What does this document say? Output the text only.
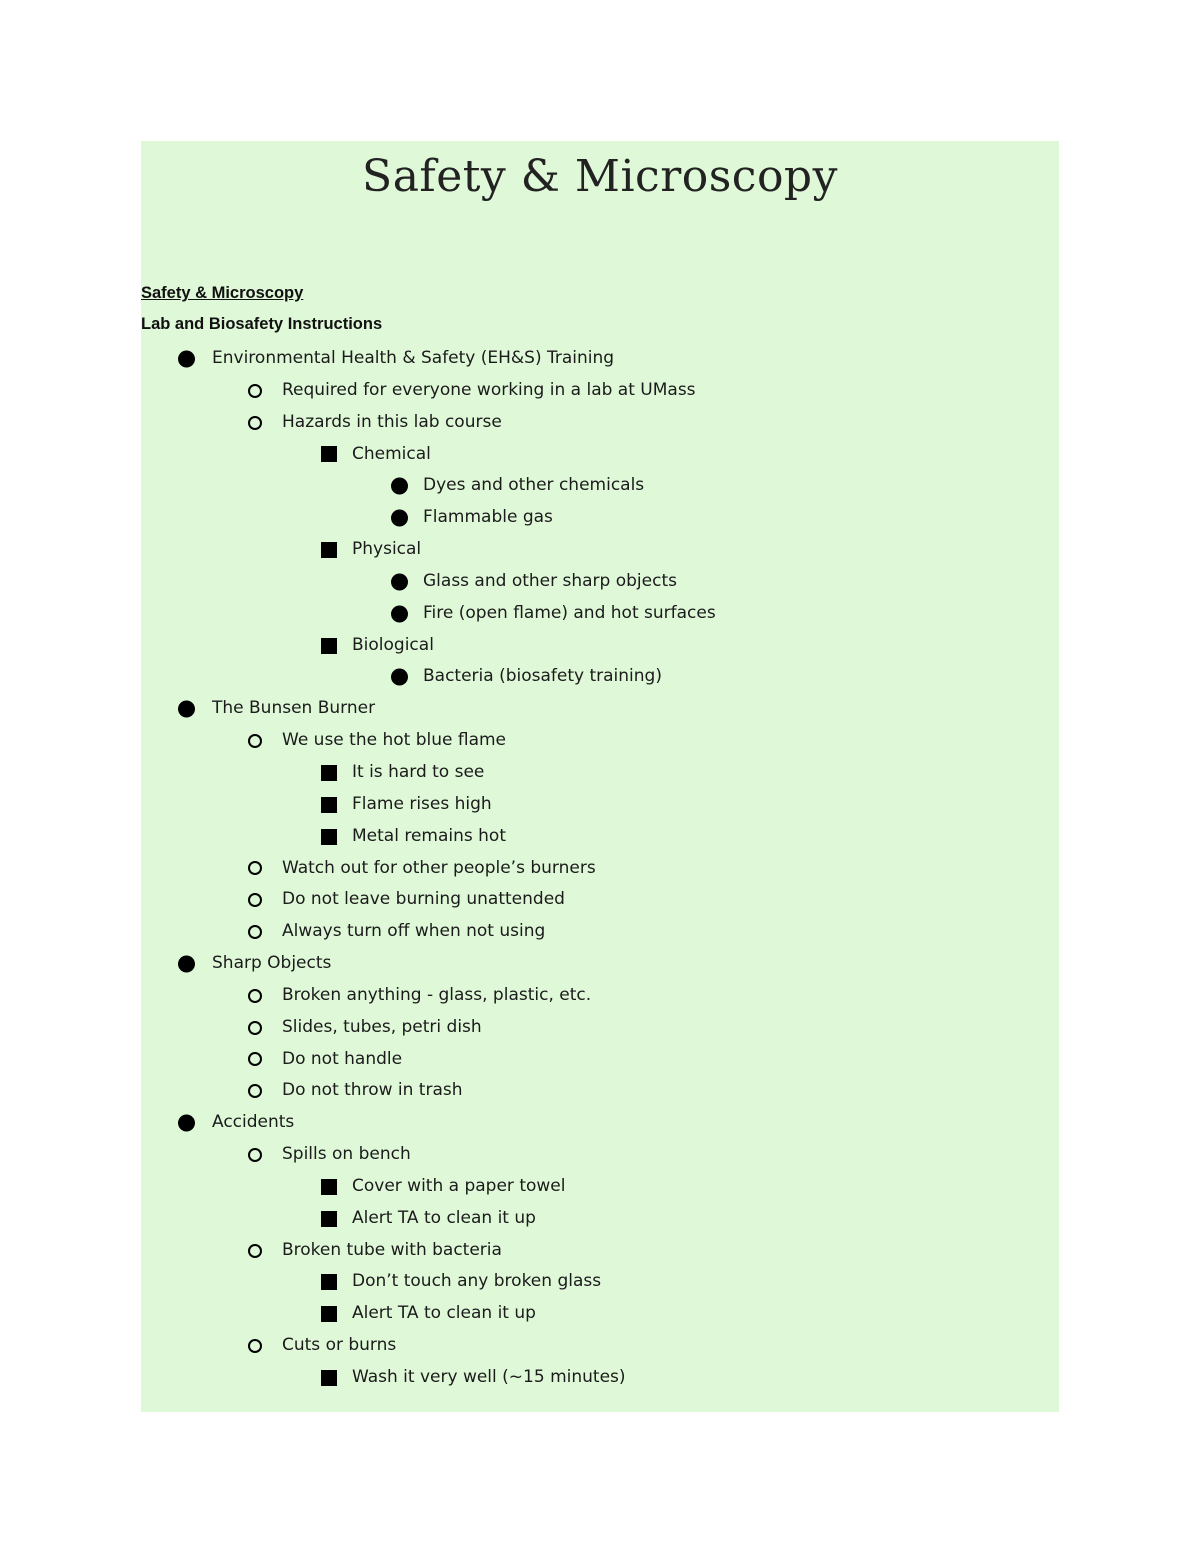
Safety & Microscopy

Safety & Microscopy

Lab and Biosafety Instructions

Environmental Health & Safety (EH&S) Training
Required for everyone working in a lab at UMass
Hazards in this lab course
Chemical
Dyes and other chemicals
Flammable gas
Physical
Glass and other sharp objects
Fire (open flame) and hot surfaces
Biological
Bacteria (biosafety training)
The Bunsen Burner
We use the hot blue flame
It is hard to see
Flame rises high
Metal remains hot
Watch out for other people’s burners
Do not leave burning unattended
Always turn off when not using
Sharp Objects
Broken anything - glass, plastic, etc.
Slides, tubes, petri dish
Do not handle
Do not throw in trash
Accidents
Spills on bench
Cover with a paper towel
Alert TA to clean it up
Broken tube with bacteria
Don’t touch any broken glass
Alert TA to clean it up
Cuts or burns
Wash it very well (~15 minutes)
